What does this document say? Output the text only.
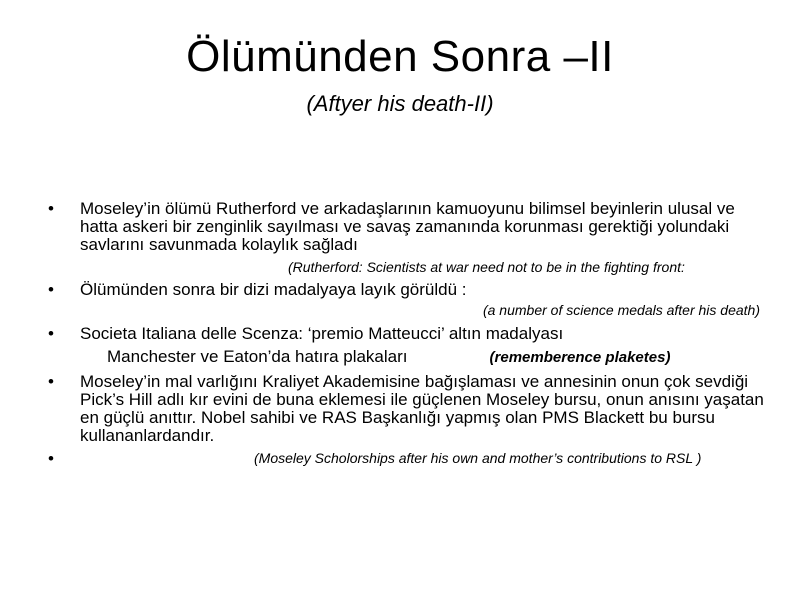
Ölümünden Sonra –II
(Aftyer his death-II)
•	Moseley’in ölümü Rutherford ve arkadaşlarının kamuoyunu bilimsel beyinlerin ulusal ve hatta askeri bir zenginlik sayılması ve savaş zamanında korunması gerektiği yolundaki savlarını savunmada kolaylık sağladı
(Rutherford: Scientists at war need not to be in the fighting front:
•	Ölümünden sonra bir dizi madalyaya layık görüldü :
(a number of science medals after his death)
•	Societa Italiana delle Scenza: ‘premio Matteucci’ altın madalyası
Manchester ve Eaton’da hatıra plakaları	(rememberence plaketes)
•	Moseley’in mal varlığını Kraliyet Akademisine bağışlaması ve annesinin onun çok sevdiği Pick’s Hill adlı kır evini de buna eklemesi ile güçlenen Moseley bursu, onun anısını yaşatan en güçlü anıttır. Nobel sahibi ve RAS Başkanlığı yapmış olan PMS Blackett bu bursu kullananlardandır.
•	(Moseley Scholorships after his own and mother’s contributions to RSL )
